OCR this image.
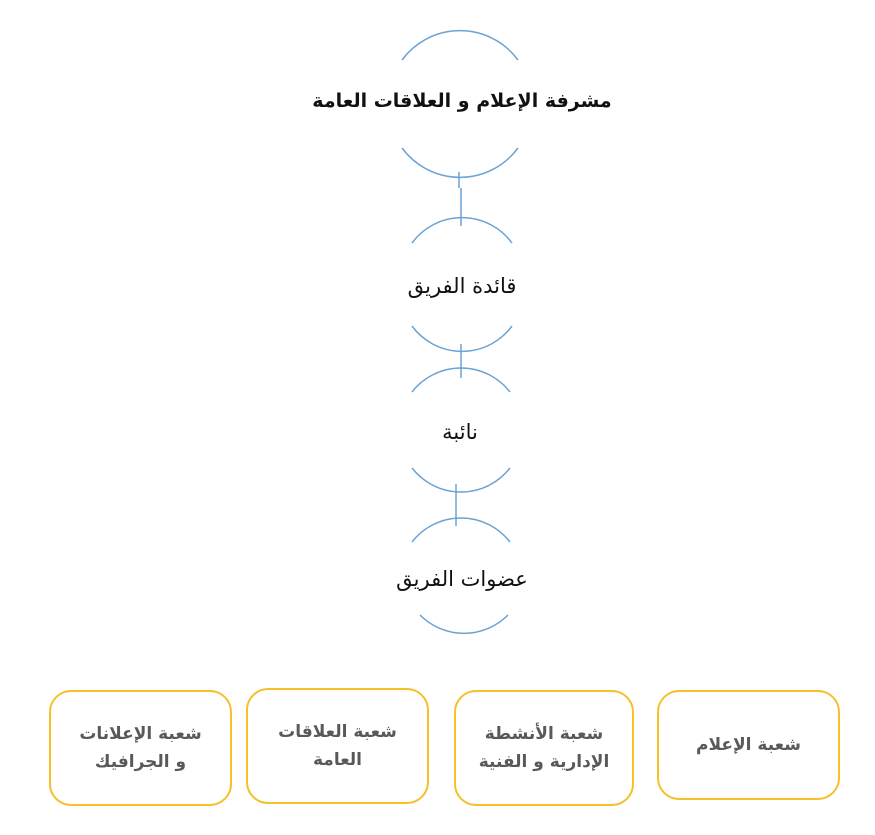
مشرفة الإعلام و العلاقات العامة
قائدة الفريق
نائبة
عضوات الفريق
شعبة الإعلانات
و الجرافيك
شعبة العلاقات
العامة
شعبة الأنشطة
الإدارية و الفنية
شعبة الإعلام
